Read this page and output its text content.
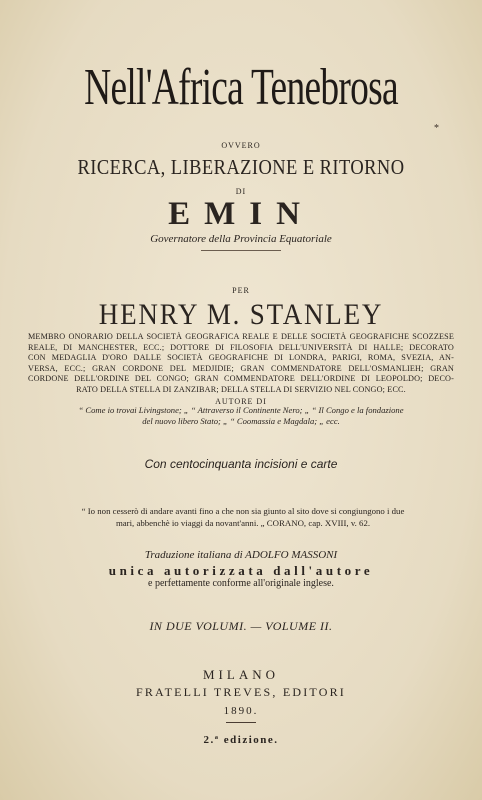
Nell'Africa Tenebrosa
*
OVVERO
RICERCA, LIBERAZIONE E RITORNO
DI
EMIN
Governatore della Provincia Equatoriale
PER
HENRY M. STANLEY
MEMBRO ONORARIO DELLA SOCIETÀ GEOGRAFICA REALE E DELLE SOCIETÀ GEOGRAFICHE SCOZZESE
REALE, DI MANCHESTER, ECC.; DOTTORE DI FILOSOFIA DELL'UNIVERSITÀ DI HALLE; DECORATO
CON MEDAGLIA D'ORO DALLE SOCIETÀ GEOGRAFICHE DI LONDRA, PARIGI, ROMA, SVEZIA, AN-
VERSA, ECC.; GRAN CORDONE DEL MEDJIDIE; GRAN COMMENDATORE DELL'OSMANLIEH; GRAN
CORDONE DELL'ORDINE DEL CONGO; GRAN COMMENDATORE DELL'ORDINE DI LEOPOLDO; DECO-
RATO DELLA STELLA DI ZANZIBAR; DELLA STELLA DI SERVIZIO NEL CONGO; ECC.
AUTORE DI
“ Come io trovai Livingstone; „ “ Attraverso il Continente Nero; „ “ Il Congo e la fondazione
del nuovo libero Stato; „ “ Coomassia e Magdala; „ ecc.
Con centocinquanta incisioni e carte
“ Io non cesserò di andare avanti fino a che non sia giunto al sito dove si congiungono i due
mari, abbenchè io viaggi da novant'anni. „ CORANO, cap. XVIII, v. 62.
Traduzione italiana di ADOLFO MASSONI
unica autorizzata dall'autore
e perfettamente conforme all'originale inglese.
IN DUE VOLUMI. — VOLUME II.
MILANO
FRATELLI TREVES, EDITORI
1890.
2.ª edizione.
